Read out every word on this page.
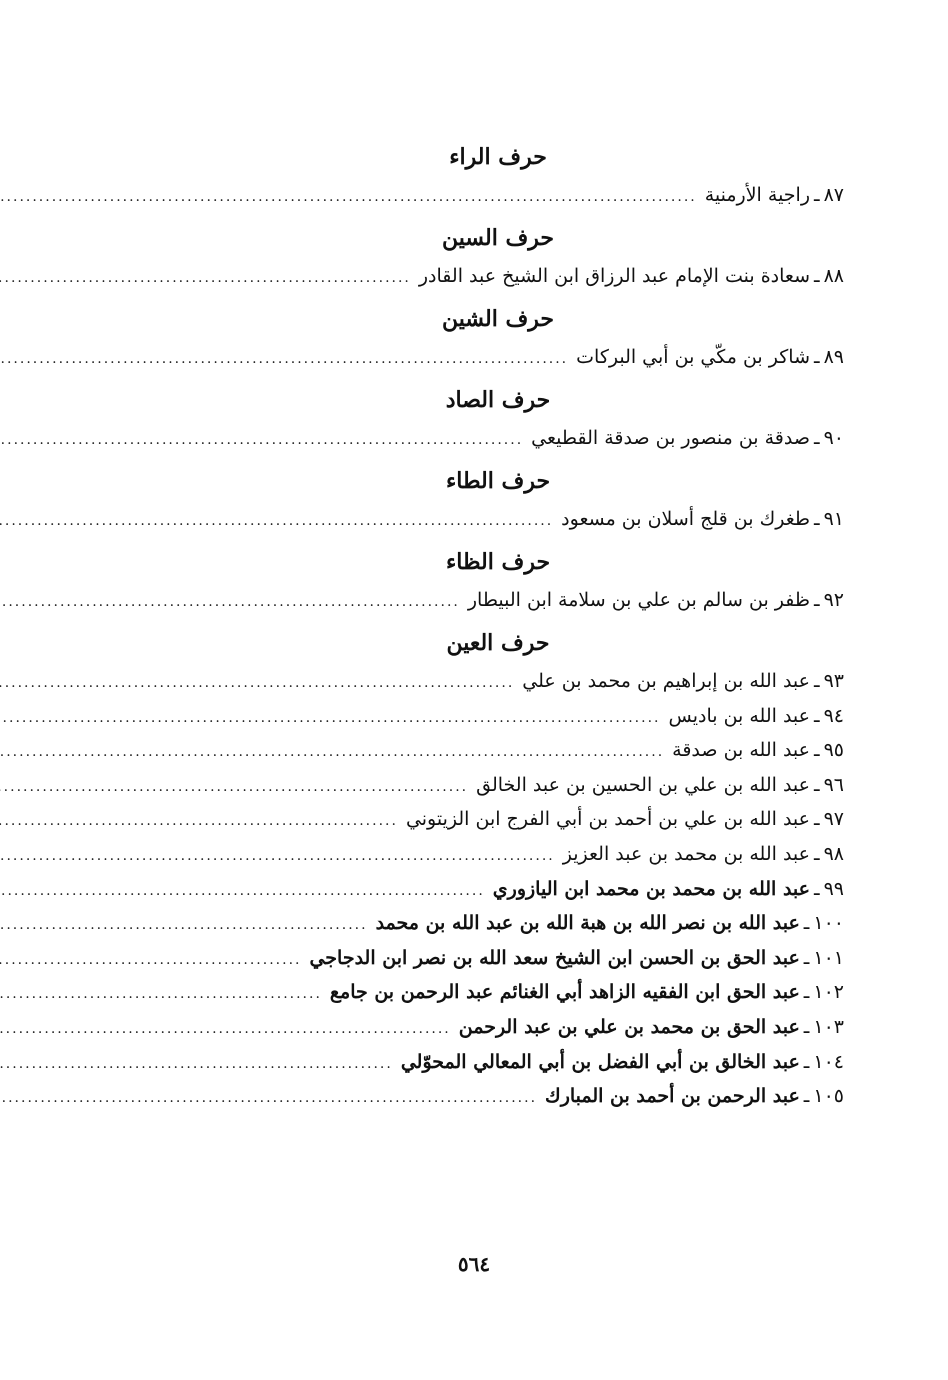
حرف الراء
٨٧
ـ
راجية الأرمنية
.....
حرف السين
٨٨
ـ
سعادة بنت الإمام عبد الرزاق ابن الشيخ عبد القادر
.....
حرف الشين
٨٩
ـ
شاكر بن مكّي بن أبي البركات
.....
حرف الصاد
٩٠
ـ
صدقة بن منصور بن صدقة القطيعي
.....
حرف الطاء
٩١
ـ
طغرك بن قلج أسلان بن مسعود
.....
حرف الظاء
٩٢
ـ
ظفر بن سالم بن علي بن سلامة ابن البيطار
.....
حرف العين
٩٣
ـ
عبد الله بن إبراهيم بن محمد بن علي
.....
٩٤
ـ
عبد الله بن باديس
.....
٩٥
ـ
عبد الله بن صدقة
.....
٩٦
ـ
عبد الله بن علي بن الحسين بن عبد الخالق
.....
٩٧
ـ
عبد الله بن علي بن أحمد بن أبي الفرج ابن الزيتوني
.....
٩٨
ـ
عبد الله بن محمد بن عبد العزيز
.....
٩٩
ـ
عبد الله بن محمد بن محمد ابن اليازوري
.....
١٠٠
ـ
عبد الله بن نصر الله بن هبة الله بن عبد الله بن محمد
.....
١٠١
ـ
عبد الحق بن الحسن ابن الشيخ سعد الله بن نصر ابن الدجاجي
.....
١٠٢
ـ
عبد الحق ابن الفقيه الزاهد أبي الغنائم عبد الرحمن بن جامع
.....
١٠٣
ـ
عبد الحق بن محمد بن علي بن عبد الرحمن
.....
١٠٤
ـ
عبد الخالق بن أبي الفضل بن أبي المعالي المحوّلي
.....
١٠٥
ـ
عبد الرحمن بن أحمد بن المبارك
.....
٥٦٤
